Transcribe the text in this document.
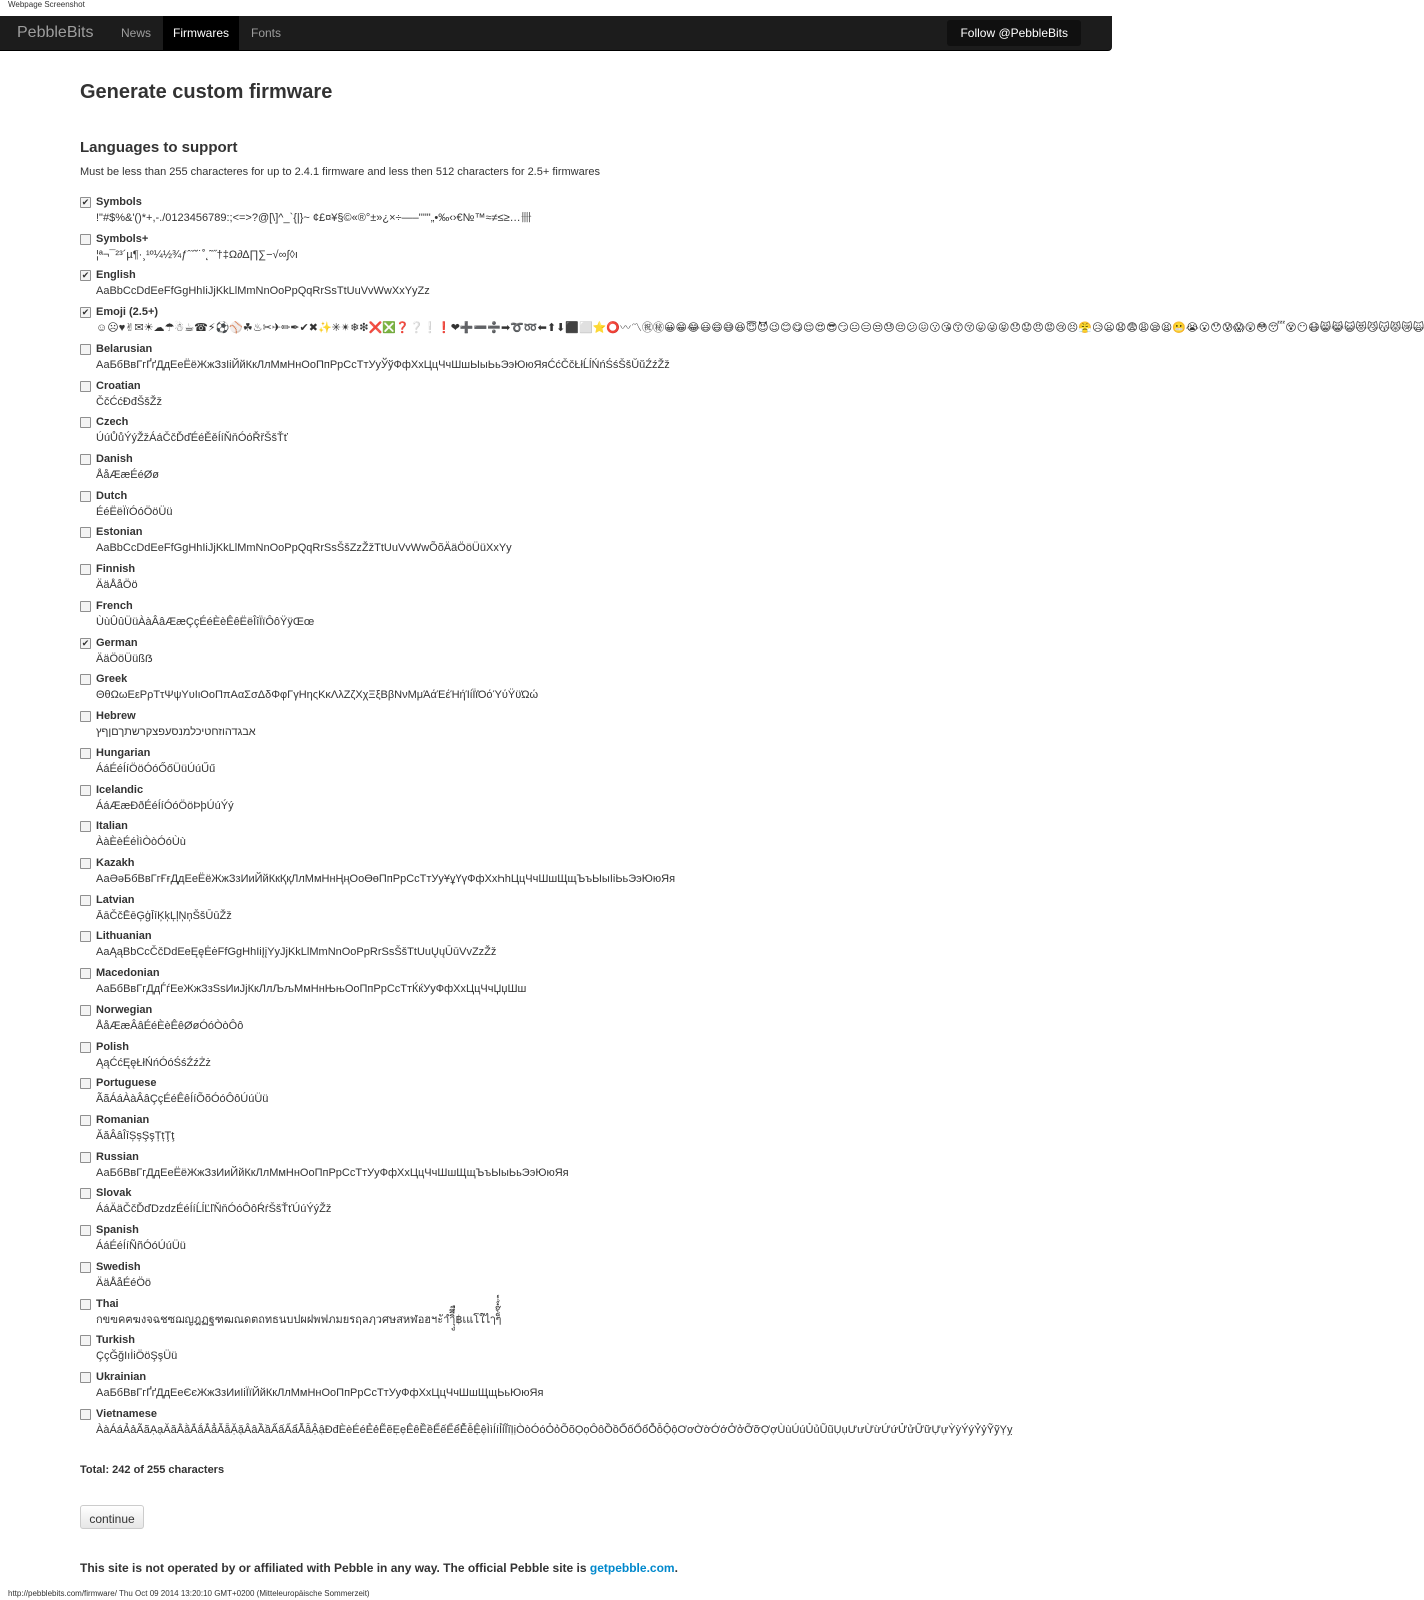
Webpage Screenshot
PebbleBits	News	Firmwares	Fonts	Follow @PebbleBits
Generate custom firmware
Languages to support
Must be less than 255 characteres for up to 2.4.1 firmware and less then 512 characters for 2.5+ firmwares
✔ Symbols
!"#$%&'()*+,-./0123456789:;<=>?@[\]^_`{|}~ ¢£¤¥§©«®°±»¿×÷—–''""„•‰‹›€№™≈≠≤≥…卌
Symbols+
¦ª¬¯²³´µ¶·¸¹º¼½¾ƒˆˇ˘˙˚˛˜˝†‡Ω∂∆∏∑−√∞∫◊ı
✔ English
AaBbCcDdEeFfGgHhIiJjKkLlMmNnOoPpQqRrSsTtUuVvWwXxYyZz
✔ Emoji (2.5+)
☺☹♥✌✉☀☁☂☃☕☎⚡⚽⚾☘♨✂✈✏✒✔✖✨✳✴❄❇❌❎❓❔❕❗❤➕➖➗➡➰➿⬅⬆⬇⬛⬜⭐⭕〰〽㊗㊙😀😁😂😃😄😅😆😇😈😉😊😋😌😍😎😏😐😑😒😓😔😕😖😗😘😙😚😛😜😝😞😟😠😡😢😣😤😥😦😧😨😩😪😫😬😭😮😯😰😱😲😳😴😵😶😷😸😹😺😻😼😽😾😿🙀
Belarusian
АаБбВвГгҐґДдЕеЁёЖжЗзІіЙйКкЛлМмНнОоПпРрСсТтУуЎўФфХхЦцЧчШшЫыЬьЭэЮюЯяĆćČčŁłĹĺŃńŚśŠšŬŭŹźŽž
Croatian
ČčĆćĐđŠšŽž
Czech
ÚúŮůÝýŽžÁáČčĎďÉéĚěÍíŇňÓóŘřŠšŤť
Danish
ÅåÆæÉéØø
Dutch
ÉéËëÏïÓóÖöÜü
Estonian
AaBbCcDdEeFfGgHhIiJjKkLlMmNnOoPpQqRrSsŠšZzŽžTtUuVvWwÕõÄäÖöÜüXxYy
Finnish
ÄäÅåÖö
French
ÙùÛûÜüÀàÂâÆæÇçÉéÈèÊêËëÎîÏïÔôŸÿŒœ
✔ German
ÄäÖöÜüßẞ
Greek
ΘθΩωΕεΡρΤτΨψΥυΙιΟοΠπΑαΣσΔδΦφΓγΗηςΚκΛλΖζΧχΞξΒβΝνΜμΆάΈέΉήΊίΪϊΌόΎύΫϋΏώ
Hebrew
אבגדהוזחטיכלמנסעפצקרשתךםןףץ
Hungarian
ÁáÉéÍíÖöÓóŐőÜüÚúŰű
Icelandic
ÁáÆæÐðÉéÍíÓóÖöÞþÚúÝý
Italian
ÀàÈèÉéÌìÒòÓóÙù
Kazakh
АаӘәБбВвГгҒғДдЕеЁёЖжЗзИиЙйКкҚқЛлМмНнҢңОоӨөПпРрСсТтУуҰұҮүФфХхҺһЦцЧчШшЩщЪъЫыІіЬьЭэЮюЯя
Latvian
ĀāČčĒēĢģĪīĶķĻļŅņŠšŪūŽž
Lithuanian
AaĄąBbCcČčDdEeĘęĖėFfGgHhIiĮįYyJjKkLlMmNnOoPpRrSsŠšTtUuŲųŪūVvZzŽž
Macedonian
АаБбВвГгДдЃѓЕеЖжЗзЅѕИиЈјКкЛлЉљМмНнЊњОоПпРрСсТтЌќУуФфХхЦцЧчЏџШш
Norwegian
ÅåÆæÂâÉéÈèÊêØøÓóÒòÔô
Polish
ĄąĆćĘęŁłŃńÓóŚśŹźŻż
Portuguese
ÃãÁáÀàÂâÇçÉéÊêÍíÕõÓóÔôÚúÜü
Romanian
ĂăÂâÎîȘșŞşȚțŢţ
Russian
АаБбВвГгДдЕеЁёЖжЗзИиЙйКкЛлМмНнОоПпРрСсТтУуФфХхЦцЧчШшЩщЪъЫыЬьЭэЮюЯя
Slovak
ÁáÄäČčĎďDzdzÉéÍíĹĺĽľŇňÓóÔôŔŕŠšŤťÚúÝýŽž
Spanish
ÁáÉéÍíÑñÓóÚúÜü
Swedish
ÄäÅåÉéÖö
Thai
กขฃคฅฆงจฉชซฌญฎฏฐฑฒณดตถทธนบปผฝพฟภมยรฤลฦวศษสหฬอฮฯะัาำิีึืฺุู฿เแโใไๅๆ็่้๊๋์ํ๎
Turkish
ÇçĞğIıİiÖöŞşÜü
Ukrainian
АаБбВвГгҐґДдЕеЄєЖжЗзИиІіЇїЙйКкЛлМмНнОоПпРрСсТтУуФфХхЦцЧчШшЩщЬьЮюЯя
Vietnamese
ÀàÁáẢảÃãẠạĂăẰằẮắẲẳẴẵẶặÂâẦầẤấẨẩẪẫẬậĐđÈèÉéẺẻẼẽẸẹÊêỀềẾếỂểỄễỆệÌìÍíỈỉĨĩỊịÒòÓóỎỏÕõỌọÔôỒồỐốỔổỖỗỘộƠơỜờỚớỞởỠỡỢợÙùÚúỦủŨũỤụƯưỪừỨứỬửỮữỰựỲỳÝýỶỷỸỹỴỵ
Total: 242 of 255 characters
continue
This site is not operated by or affiliated with Pebble in any way. The official Pebble site is getpebble.com.
http://pebblebits.com/firmware/ Thu Oct 09 2014 13:20:10 GMT+0200 (Mitteleuropäische Sommerzeit)
